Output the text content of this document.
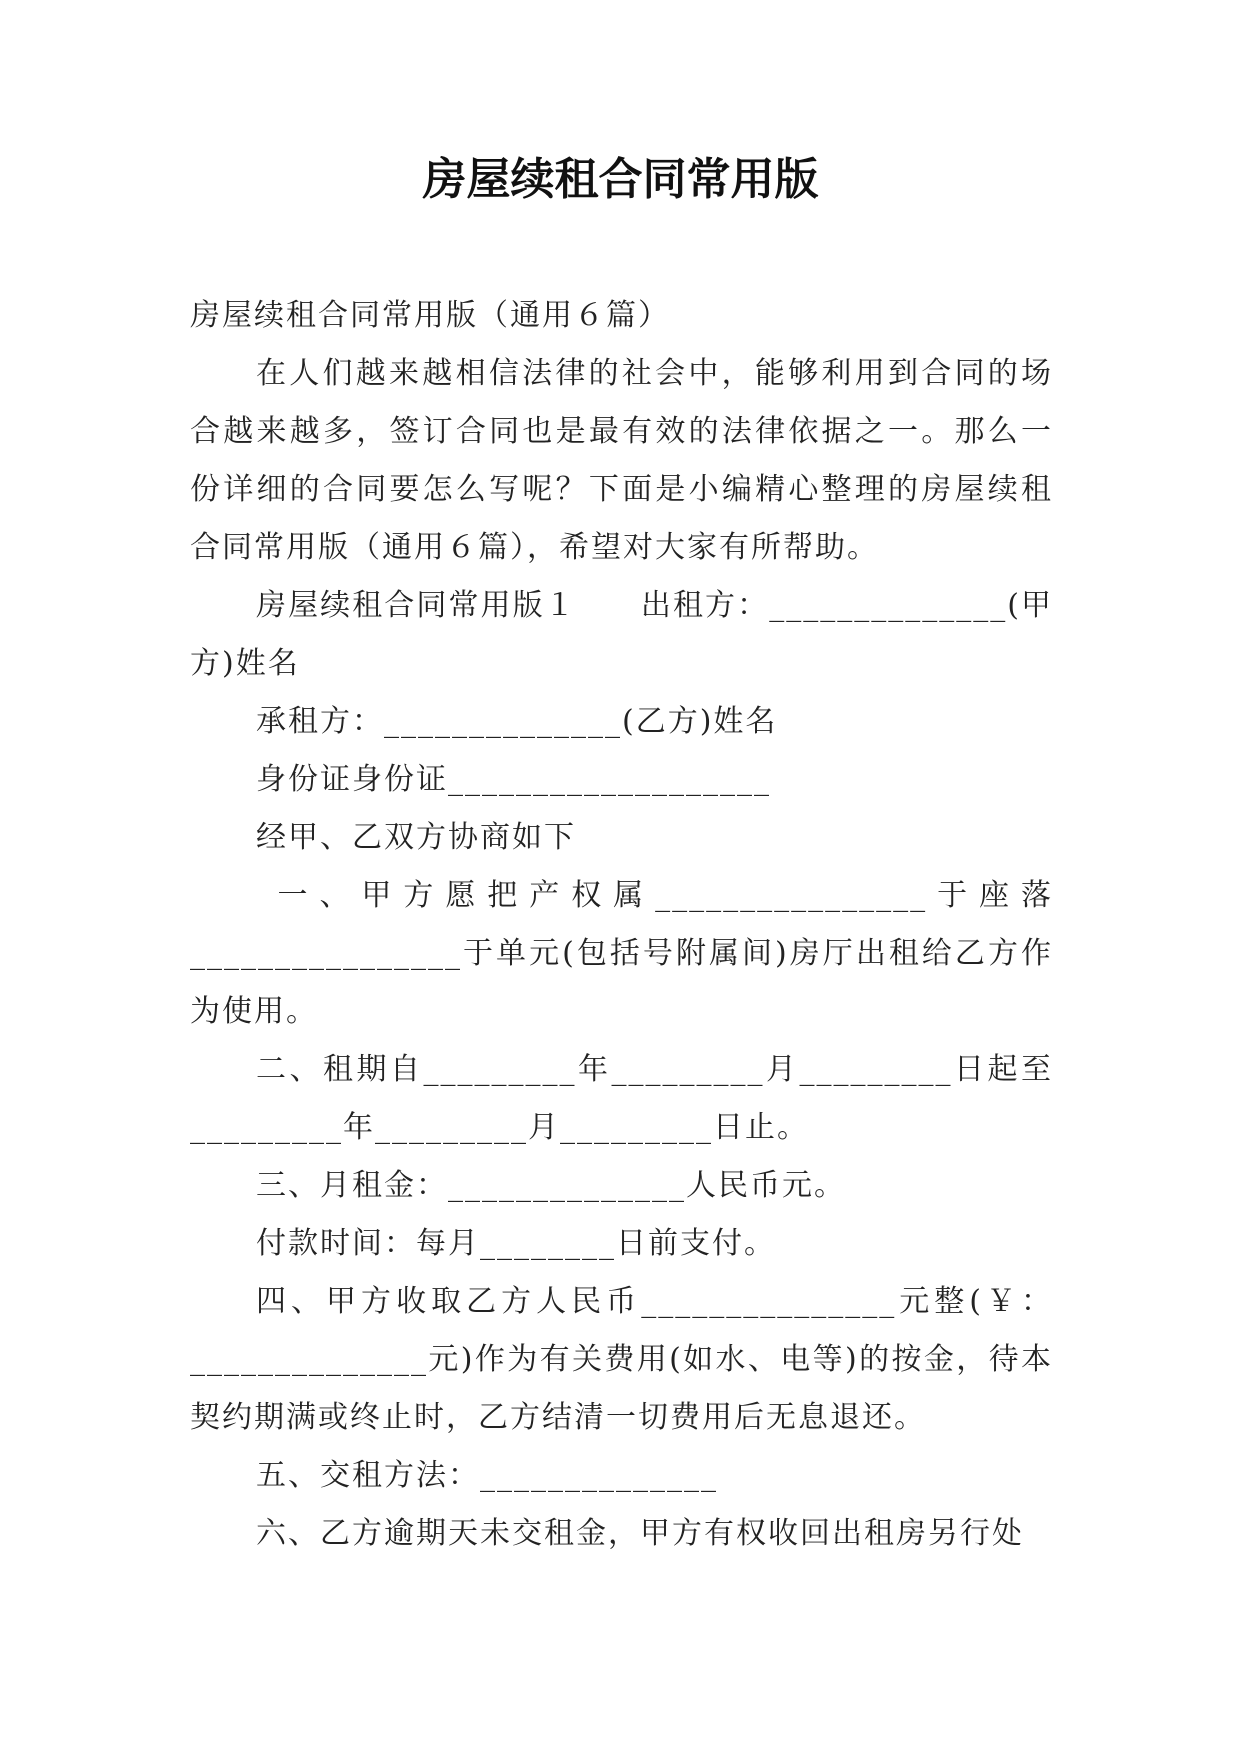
房屋续租合同常用版

房屋续租合同常用版（通用６篇）

在人们越来越相信法律的社会中，能够利用到合同的场合越来越多，签订合同也是最有效的法律依据之一。那么一份详细的合同要怎么写呢？下面是小编精心整理的房屋续租合同常用版（通用６篇），希望对大家有所帮助。

房屋续租合同常用版１　　出租方：______________(甲方)姓名

承租方：______________(乙方)姓名

身份证身份证___________________

经甲、乙双方协商如下

一、甲方愿把产权属________________于座落________________于单元(包括号附属间)房厅出租给乙方作为使用。

二、租期自_________年_________月_________日起至_________年_________月_________日止。

三、月租金：______________人民币元。

付款时间：每月________日前支付。

四、甲方收取乙方人民币_______________元整(￥：______________元)作为有关费用(如水、电等)的按金，待本契约期满或终止时，乙方结清一切费用后无息退还。

五、交租方法：______________

六、乙方逾期天未交租金，甲方有权收回出租房另行处
